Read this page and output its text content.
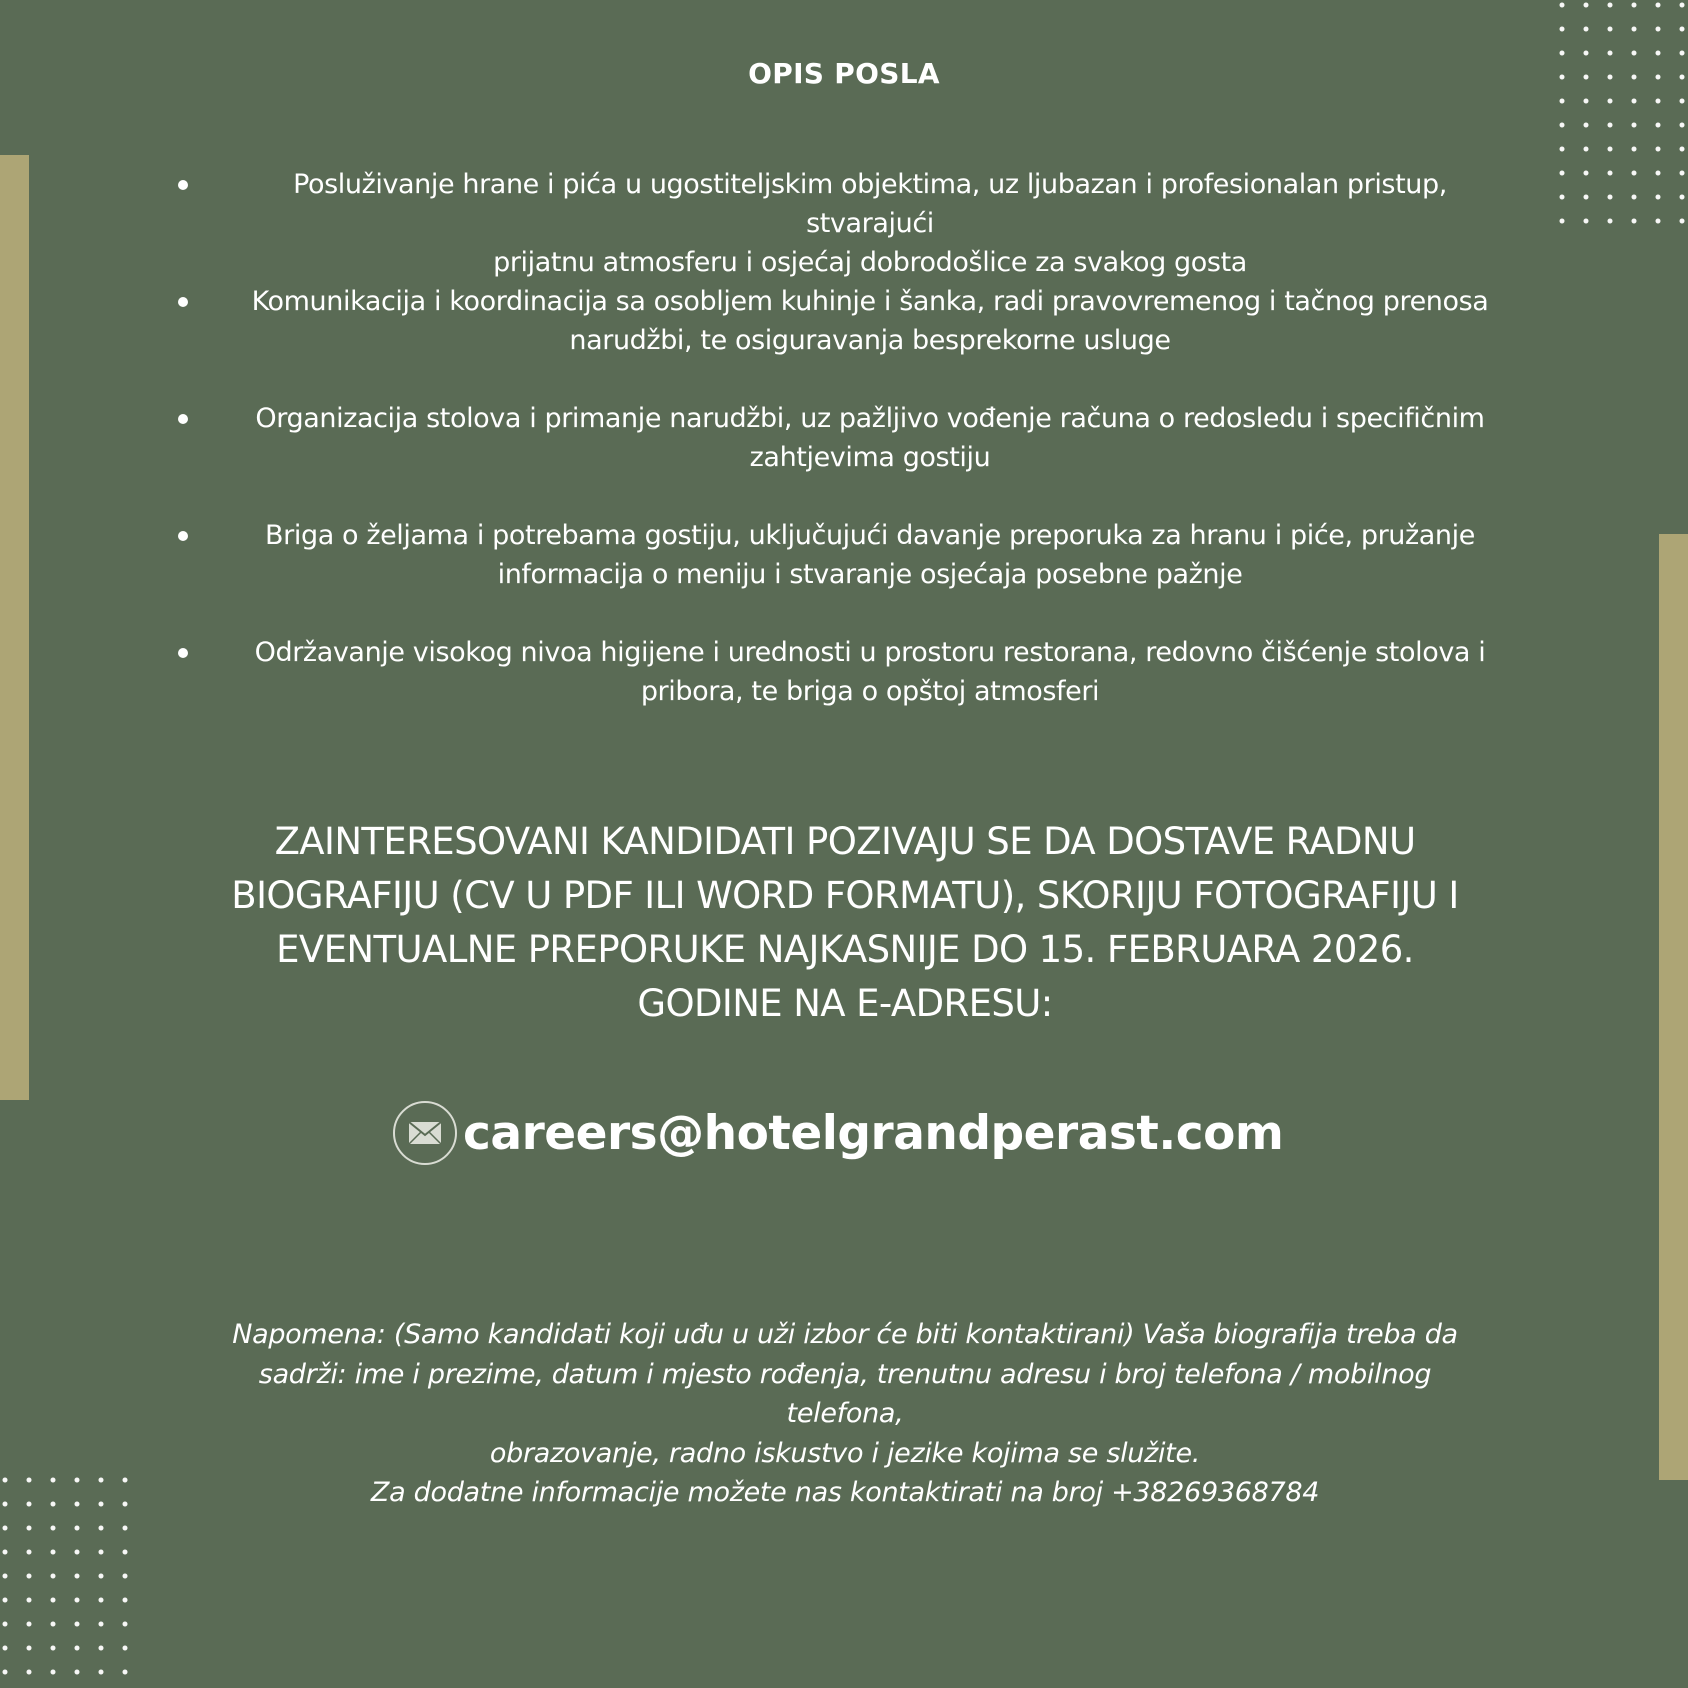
OPIS POSLA
Posluživanje hrane i pića u ugostiteljskim objektima, uz ljubazan i profesionalan pristup, stvarajući
prijatnu atmosferu i osjećaj dobrodošlice za svakog gosta
Komunikacija i koordinacija sa osobljem kuhinje i šanka, radi pravovremenog i tačnog prenosa
narudžbi, te osiguravanja besprekorne usluge
Organizacija stolova i primanje narudžbi, uz pažljivo vođenje računa o redosledu i specifičnim
zahtjevima gostiju
Briga o željama i potrebama gostiju, uključujući davanje preporuka za hranu i piće, pružanje
informacija o meniju i stvaranje osjećaja posebne pažnje
Održavanje visokog nivoa higijene i urednosti u prostoru restorana, redovno čišćenje stolova i
pribora, te briga o opštoj atmosferi
ZAINTERESOVANI KANDIDATI POZIVAJU SE DA DOSTAVE RADNU
BIOGRAFIJU (CV U PDF ILI WORD FORMATU), SKORIJU FOTOGRAFIJU I
EVENTUALNE PREPORUKE NAJKASNIJE DO 15. FEBRUARA 2026.
GODINE NA E-ADRESU:
careers@hotelgrandperast.com
Napomena: (Samo kandidati koji uđu u uži izbor će biti kontaktirani) Vaša biografija treba da
sadrži: ime i prezime, datum i mjesto rođenja, trenutnu adresu i broj telefona / mobilnog telefona,
obrazovanje, radno iskustvo i jezike kojima se služite.
Za dodatne informacije možete nas kontaktirati na broj +38269368784
